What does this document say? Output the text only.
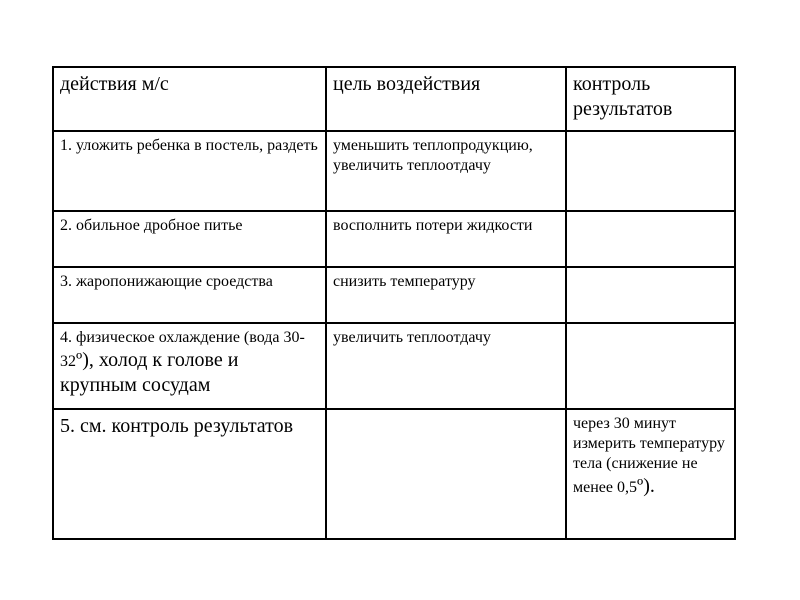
действия м/с	цель воздействия	контроль результатов
1. уложить ребенка в постель, раздеть	уменьшить теплопродукцию, увеличить теплоотдачу	
2. обильное дробное питье	восполнить потери жидкости	
3. жаропонижающие сроедства	снизить температуру	
4. физическое охлаждение (вода 30-32º), холод к голове и крупным сосудам	увеличить теплоотдачу	
5. см. контроль результатов		через 30 минут измерить температуру тела (снижение не менее 0,5º).
